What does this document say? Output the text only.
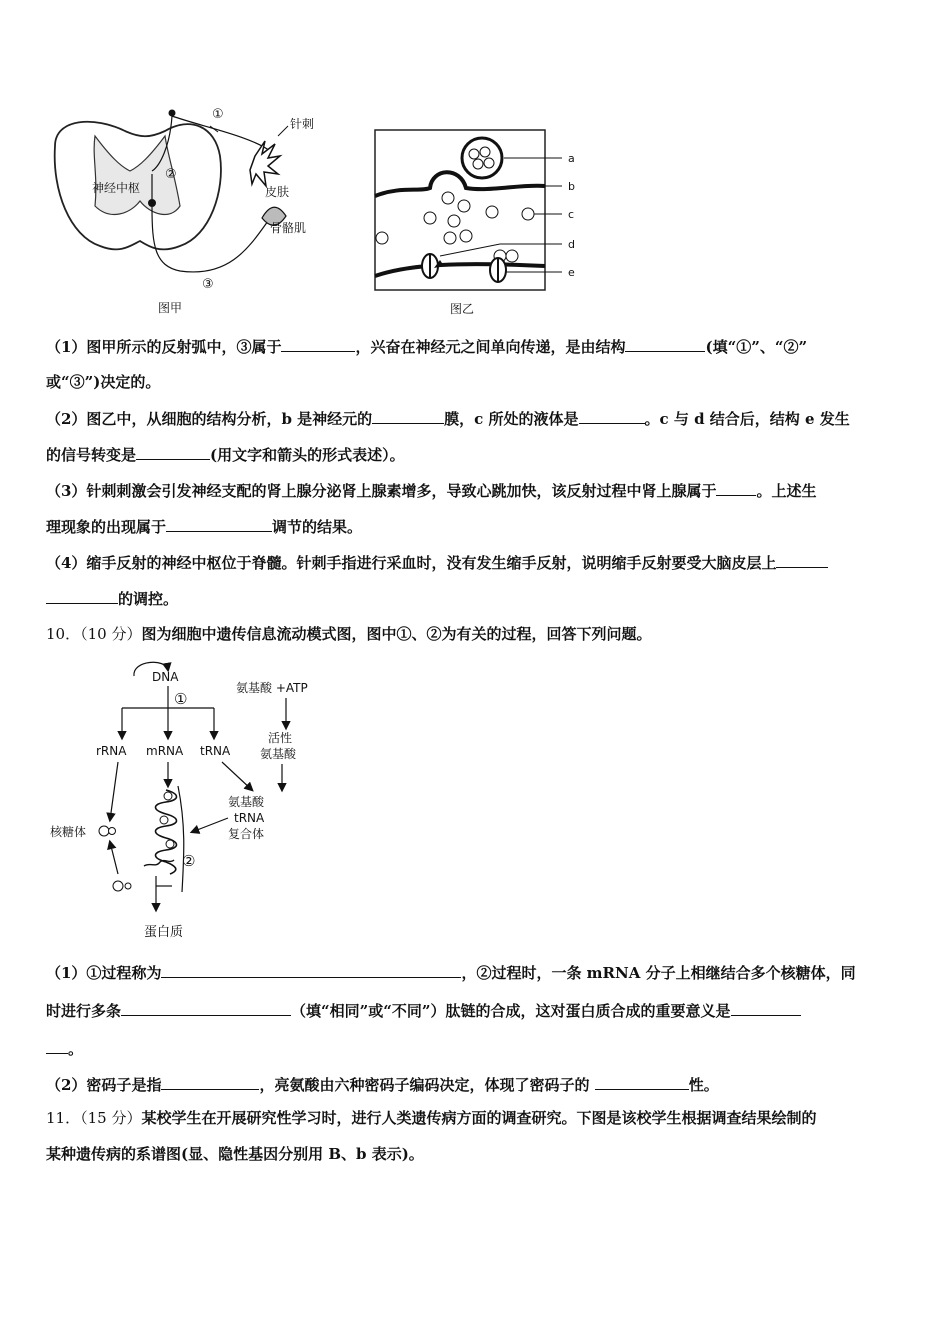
神经中枢
①
②
③
针刺
皮肤
骨骼肌
图甲
a
b
c
d
e
图乙
（1）图甲所示的反射弧中，③属于	，兴奋在神经元之间单向传递，是由结构	(填“①”、“②”
或“③”)决定的。
（2）图乙中，从细胞的结构分析，b 是神经元的	膜，c 所处的液体是	。c 与 d 结合后，结构 e 发生
的信号转变是	(用文字和箭头的形式表述）。
（3）针刺刺激会引发神经支配的肾上腺分泌肾上腺素增多，导致心跳加快，该反射过程中肾上腺属于	。上述生
理现象的出现属于	调节的结果。
（4）缩手反射的神经中枢位于脊髓。针刺手指进行采血时，没有发生缩手反射，说明缩手反射要受大脑皮层上
的调控。
10．（10 分）图为细胞中遗传信息流动模式图，图中①、②为有关的过程，回答下列问题。
DNA
①
rRNA mRNA tRNA
氨基酸 +ATP
活性
氨基酸
氨基酸
tRNA
复合体
②
核糖体
蛋白质
（1）①过程称为	，②过程时，一条 mRNA 分子上相继结合多个核糖体，同
时进行多条	（填“相同”或“不同”）肽链的合成，这对蛋白质合成的重要意义是
。
（2）密码子是指	，亮氨酸由六种密码子编码决定，体现了密码子的	性。
11．（15 分）某校学生在开展研究性学习时，进行人类遗传病方面的调查研究。下图是该校学生根据调查结果绘制的
某种遗传病的系谱图(显、隐性基因分别用 B、b 表示)。
